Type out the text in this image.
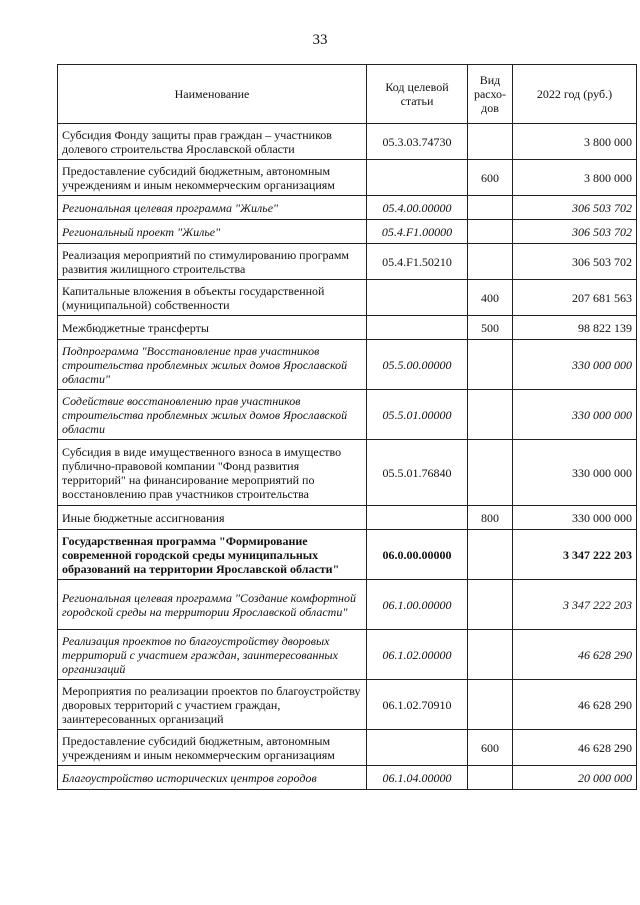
33
Наименование	Код целевой статьи	Вид расхо-дов	2022 год (руб.)
Субсидия Фонду защиты прав граждан – участников долевого строительства Ярославской области	05.3.03.74730		3 800 000
Предоставление субсидий бюджетным, автономным учреждениям и иным некоммерческим организациям		600	3 800 000
Региональная целевая программа "Жилье"	05.4.00.00000		306 503 702
Региональный проект "Жилье"	05.4.F1.00000		306 503 702
Реализация мероприятий по стимулированию программ развития жилищного строительства	05.4.F1.50210		306 503 702
Капитальные вложения в объекты государственной (муниципальной) собственности		400	207 681 563
Межбюджетные трансферты		500	98 822 139
Подпрограмма "Восстановление прав участников строительства проблемных жилых домов Ярославской области"	05.5.00.00000		330 000 000
Содействие восстановлению прав участников строительства проблемных жилых домов Ярославской области	05.5.01.00000		330 000 000
Субсидия в виде имущественного взноса в имущество публично-правовой компании "Фонд развития территорий" на финансирование мероприятий по восстановлению прав участников строительства	05.5.01.76840		330 000 000
Иные бюджетные ассигнования		800	330 000 000
Государственная программа "Формирование современной городской среды муниципальных образований на территории Ярославской области"	06.0.00.00000		3 347 222 203
Региональная целевая программа "Создание комфортной городской среды на территории Ярославской области"	06.1.00.00000		3 347 222 203
Реализация проектов по благоустройству дворовых территорий с участием граждан, заинтересованных организаций	06.1.02.00000		46 628 290
Мероприятия по реализации проектов по благоустройству дворовых территорий с участием граждан, заинтересованных организаций	06.1.02.70910		46 628 290
Предоставление субсидий бюджетным, автономным учреждениям и иным некоммерческим организациям		600	46 628 290
Благоустройство исторических центров городов	06.1.04.00000		20 000 000
